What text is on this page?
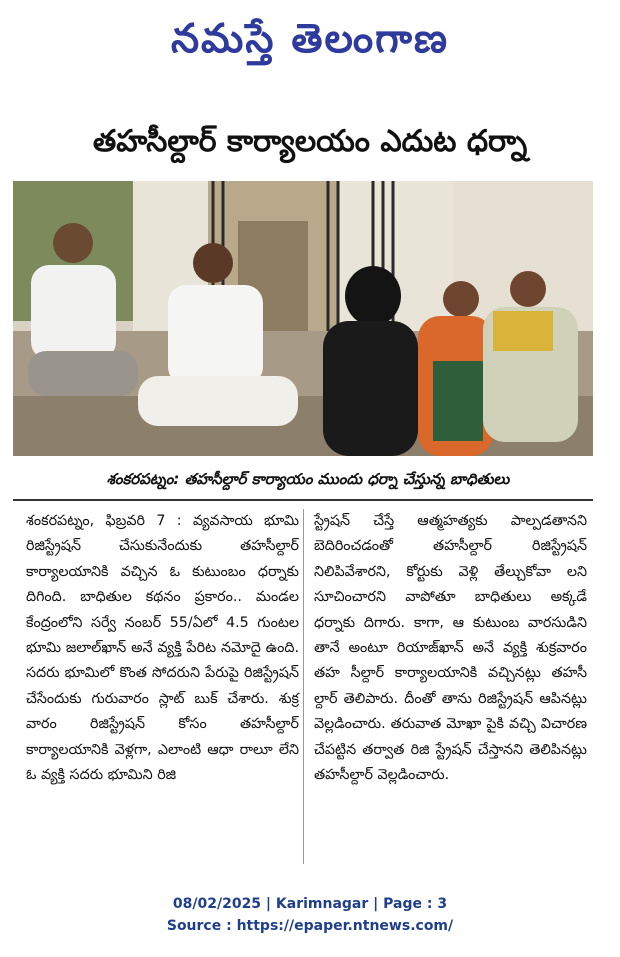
నమస్తే తెలంగాణ
తహసీల్దార్ కార్యాలయం ఎదుట ధర్నా
శంకరపట్నం: తహసీల్దార్ కార్యాయం ముందు ధర్నా చేస్తున్న బాధితులు

శంకరపట్నం, ఫిబ్రవరి 7 : వ్యవసాయ భూమి రిజిస్ట్రేషన్ చేసుకునేందుకు తహసీల్దార్ కార్యాలయానికి వచ్చిన ఓ కుటుంబం ధర్నాకు దిగింది. బాధితుల కథనం ప్రకారం.. మండల కేంద్రంలోని సర్వే నంబర్ 55/ఏలో 4.5 గుంటల భూమి జలాల్‌ఖాన్ అనే వ్యక్తి పేరిట నమోదై ఉంది. సదరు భూమిలో కొంత సోదరుని పేరుపై రిజిస్ట్రేషన్ చేసేందుకు గురువారం స్లాట్ బుక్ చేశారు. శుక్ర వారం రిజిస్ట్రేషన్ కోసం తహసీల్దార్ కార్యాలయానికి వెళ్లగా, ఎలాంటి ఆధా రాలూ లేని ఓ వ్యక్తి సదరు భూమిని రిజి

స్ట్రేషన్ చేస్తే ఆత్మహత్యకు పాల్పడతానని బెదిరించడంతో తహసీల్దార్ రిజిస్ట్రేషన్ నిలిపివేశారని, కోర్టుకు వెళ్లి తేల్చుకోవా లని సూచించారని వాపోతూ బాధితులు అక్కడే ధర్నాకు దిగారు. కాగా, ఆ కుటుంబ వారసుడిని తానే అంటూ రియాజ్‌ఖాన్ అనే వ్యక్తి శుక్రవారం తహ సీల్దార్ కార్యాలయానికి వచ్చినట్లు తహసీ ల్దార్ తెలిపారు. దీంతో తాను రిజిస్ట్రేషన్ ఆపినట్లు వెల్లడించారు. తరువాత మోఖా పైకి వచ్చి విచారణ చేపట్టిన తర్వాత రిజి స్ట్రేషన్ చేస్తానని తెలిపినట్లు తహసీల్దార్ వెల్లడించారు.

08/02/2025 | Karimnagar | Page : 3
Source : https://epaper.ntnews.com/
